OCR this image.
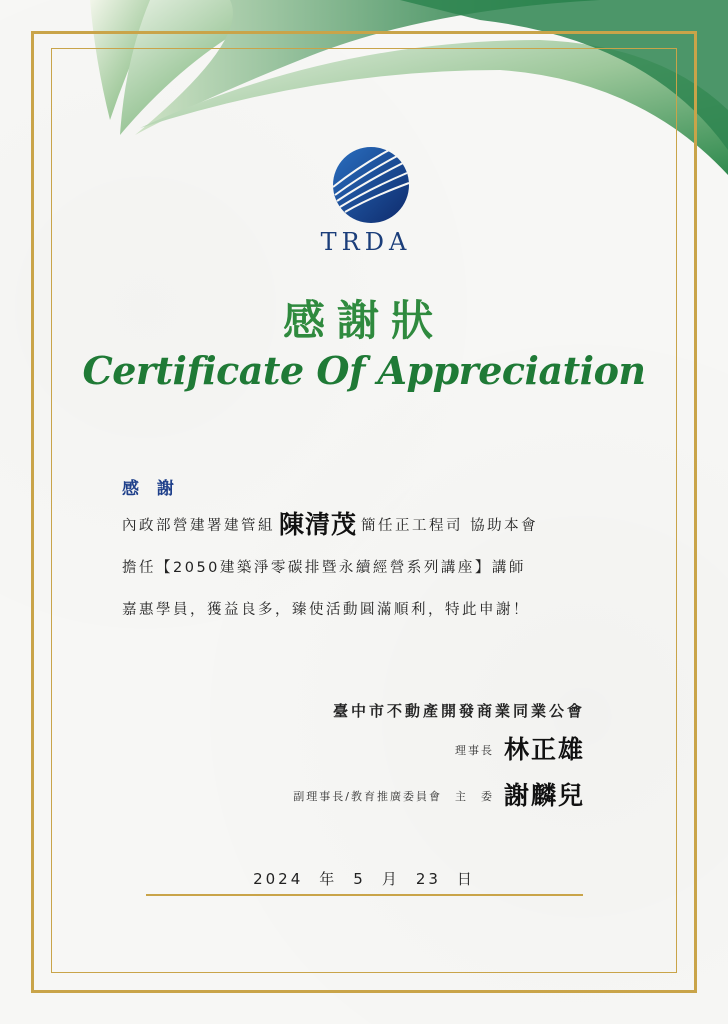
TRDA
感謝狀
Certificate Of Appreciation
感 謝
內政部營建署建管組 陳清茂 簡任正工程司 協助本會
擔任【2050建築淨零碳排暨永續經營系列講座】講師
嘉惠學員，獲益良多，臻使活動圓滿順利，特此申謝！
臺中市不動產開發商業同業公會
理事長 林正雄
副理事長/教育推廣委員會　主　委 謝麟兒
2024 年 5 月 23 日
